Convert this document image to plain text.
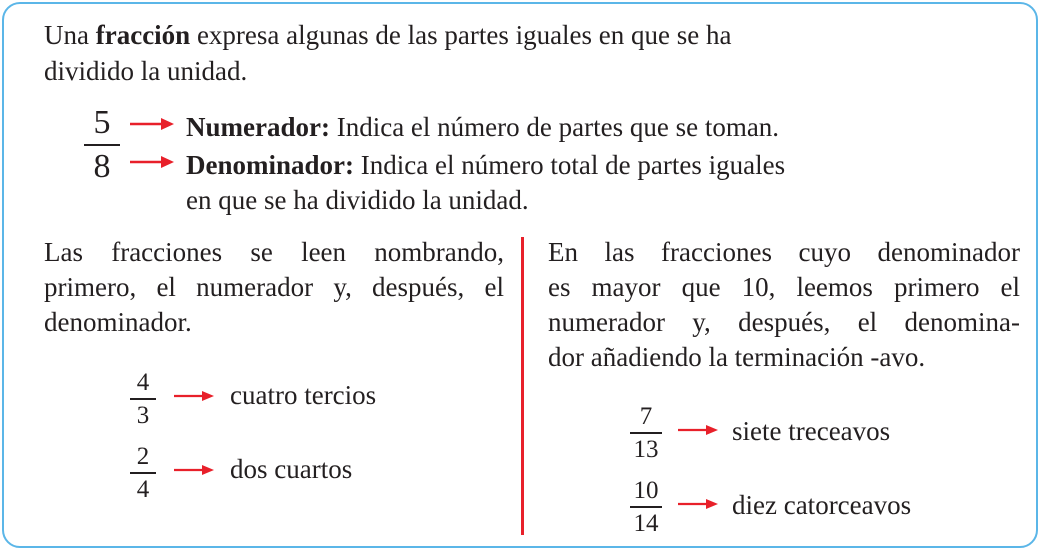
Una fracción expresa algunas de las partes iguales en que se ha
dividido la unidad.
5
8
Numerador: Indica el número de partes que se toman.
Denominador: Indica el número total de partes iguales
en que se ha dividido la unidad.
Las fracciones se leen nombrando,
primero, el numerador y, después, el
denominador.
4
3
cuatro tercios
2
4
dos cuartos
En las fracciones cuyo denominador
es mayor que 10, leemos primero el
numerador y, después, el denomina-
dor añadiendo la terminación -avo.
7
13
siete treceavos
10
14
diez catorceavos
